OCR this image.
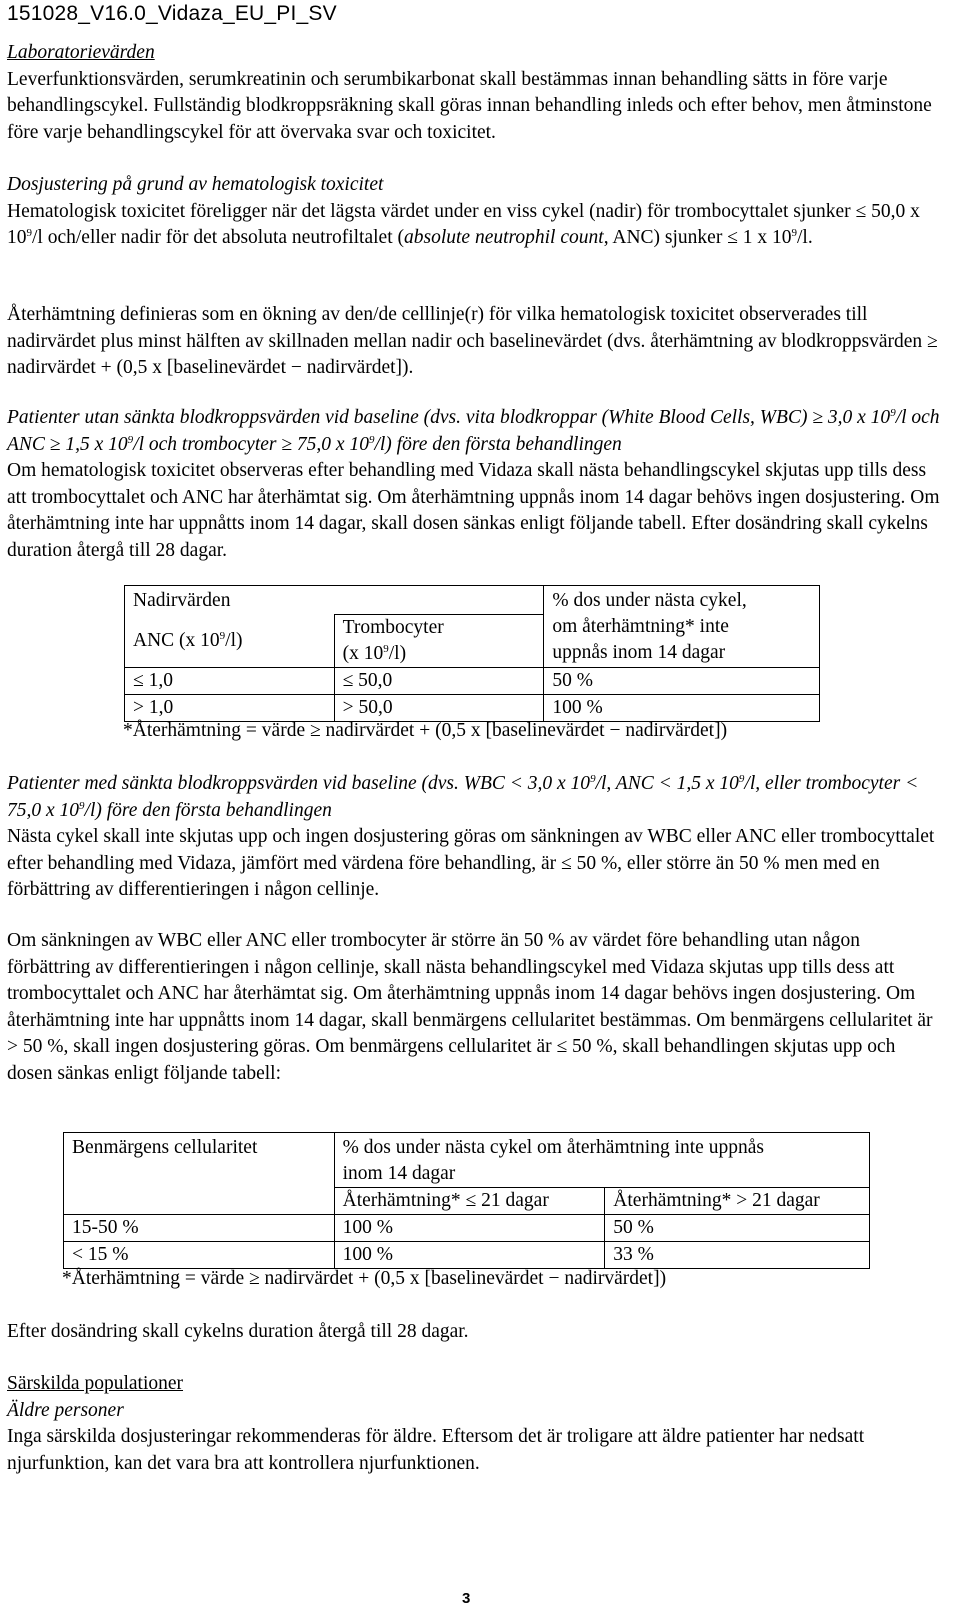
151028_V16.0_Vidaza_EU_PI_SV

Laboratorievärden

Leverfunktionsvärden, serumkreatinin och serumbikarbonat skall bestämmas innan behandling sätts in före varje behandlingscykel. Fullständig blodkroppsräkning skall göras innan behandling inleds och efter behov, men åtminstone före varje behandlingscykel för att övervaka svar och toxicitet.

Dosjustering på grund av hematologisk toxicitet

Hematologisk toxicitet föreligger när det lägsta värdet under en viss cykel (nadir) för trombocyttalet sjunker ≤ 50,0 x $10^9/l$ och/eller nadir för det absoluta neutrofiltalet (absolute neutrophil count, ANC) sjunker ≤ 1 x $10^9/l$.

Återhämtning definieras som en ökning av den/de celllinje(r) för vilka hematologisk toxicitet observerades till nadirvärdet plus minst hälften av skillnaden mellan nadir och baselinevärdet (dvs. återhämtning av blodkroppsvärden ≥ nadirvärdet + (0,5 x [baselinevärdet − nadirvärdet]).

Patienter utan sänkta blodkroppsvärden vid baseline (dvs. vita blodkroppar (White Blood Cells, WBC) ≥ 3,0 x $10^9/l$ och ANC ≥ 1,5 x $10^9/l$ och trombocyter ≥ 75,0 x $10^9/l$) före den första behandlingen

Om hematologisk toxicitet observeras efter behandling med Vidaza skall nästa behandlingscykel skjutas upp tills dess att trombocyttalet och ANC har återhämtat sig. Om återhämtning uppnås inom 14 dagar behövs ingen dosjustering. Om återhämtning inte har uppnåtts inom 14 dagar, skall dosen sänkas enligt följande tabell. Efter dosändring skall cykelns duration återgå till 28 dagar.

Nadirvärden		% dos under nästa cykel,
om återhämtning* inte
uppnås inom 14 dagar

ANC (x $10^9/l$)	Trombocyter
(x $10^9/l$)	

≤ 1,0	≤ 50,0	50 %
> 1,0	> 50,0	100 %
*Återhämtning = värde ≥ nadirvärdet + (0,5 x [baselinevärdet − nadirvärdet])

Patienter med sänkta blodkroppsvärden vid baseline (dvs. WBC < 3,0 x $10^9/l$, ANC < 1,5 x $10^9/l$, eller trombocyter < 75,0 x $10^9/l$) före den första behandlingen

Nästa cykel skall inte skjutas upp och ingen dosjustering göras om sänkningen av WBC eller ANC eller trombocyttalet efter behandling med Vidaza, jämfört med värdena före behandling, är ≤ 50 %, eller större än 50 % men med en förbättring av differentieringen i någon cellinje.

Om sänkningen av WBC eller ANC eller trombocyter är större än 50 % av värdet före behandling utan någon förbättring av differentieringen i någon cellinje, skall nästa behandlingscykel med Vidaza skjutas upp tills dess att trombocyttalet och ANC har återhämtat sig. Om återhämtning uppnås inom 14 dagar behövs ingen dosjustering. Om återhämtning inte har uppnåtts inom 14 dagar, skall benmärgens cellularitet bestämmas. Om benmärgens cellularitet är > 50 %, skall ingen dosjustering göras. Om benmärgens cellularitet är ≤ 50 %, skall behandlingen skjutas upp och dosen sänkas enligt följande tabell:
Benmärgens cellularitet	% dos under nästa cykel om återhämtning inte uppnås
inom 14 dagar	

	Återhämtning* ≤ 21 dagar	Återhämtning* > 21 dagar
15-50 %	100 %	50 %
< 15 %	100 %	33 %
*Återhämtning = värde ≥ nadirvärdet + (0,5 x [baselinevärdet − nadirvärdet])
Efter dosändring skall cykelns duration återgå till 28 dagar.

Särskilda populationer

Äldre personer

Inga särskilda dosjusteringar rekommenderas för äldre. Eftersom det är troligare att äldre patienter har nedsatt njurfunktion, kan det vara bra att kontrollera njurfunktionen.

3
